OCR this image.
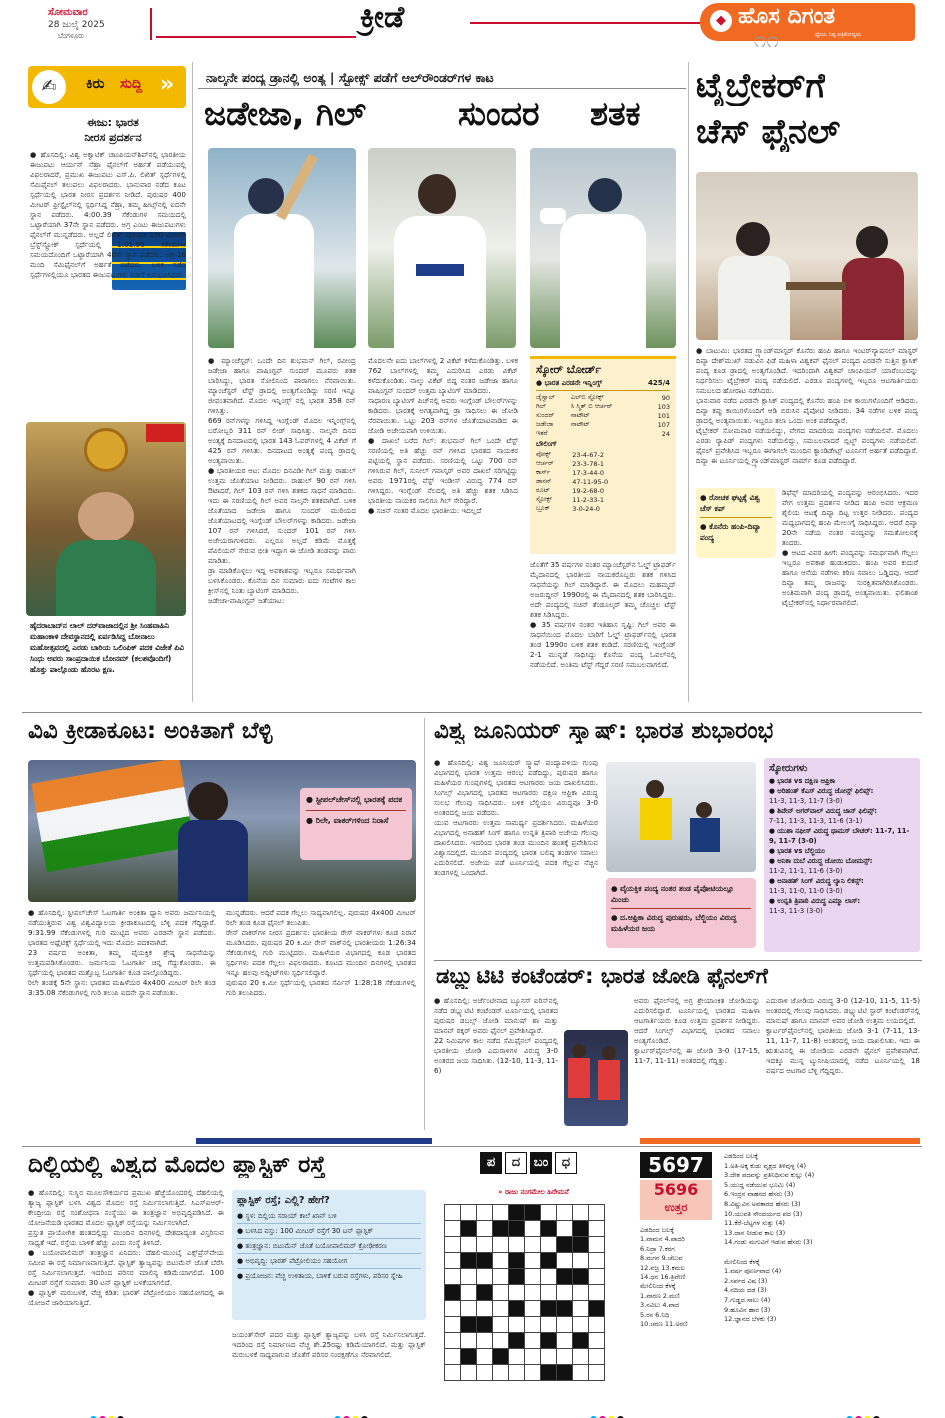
ಸೋಮವಾರ
28 ಜುಲೈ 2025
ಬೆಂಗಳೂರು
ಕ್ರೀಡೆ	◆ ಹೊಸ ದಿಗಂತ
ಧ್ಯೇಯ ನಿಷ್ಠ ಪತ್ರಿಕೋದ್ಯಮ
೧೧
✍	ಕಿರು ಸುದ್ದಿ »
ಈಜು: ಭಾರತ
ನೀರಸ ಪ್ರದರ್ಶನ
● ಹೊಸದಿಲ್ಲಿ: ವಿಶ್ವ ಅಕ್ವಾಟಿಕ್ ಚಾಂಪಿಯನ್‌ಶಿಪ್‌ನಲ್ಲಿ ಭಾರತೀಯ ಈಜುಪಟು ಆರ್ಯನ್ ನೆಹ್ರಾ ಫೈನಲ್‌ಗೆ ಅರ್ಹತೆ ಪಡೆಯುವಲ್ಲಿ ವಿಫಲರಾದರೆ, ಪ್ರಮುಖ ಈಜುಪಟು ಎಸ್.ಪಿ. ಲಿಖಿತ್ ಸ್ಪರ್ಧೆಗಳಲ್ಲಿ ಸೆಮಿಫೈನಲ್ ತಲುಪಲು ವಿಫಲರಾದರು. ಭಾನುವಾರ ನಡೆದ ಕೂಟ ಸ್ಪರ್ಧೆಯಲ್ಲಿ ಭಾರತ ನೀರಸ ಪ್ರದರ್ಶನ ನೀಡಿದೆ. ಪುರುಷರ 400 ಮೀಟರ್ ಫ್ರೀಸ್ಟೈಲ್‌ನಲ್ಲಿ ಸ್ಪರ್ಧಿಸಿದ್ದ ನೆಹ್ರಾ, ತಮ್ಮ ಹೀಟ್ಸ್‌ನಲ್ಲಿ ಐದನೇ ಸ್ಥಾನ ಪಡೆದರು. 4:00.39 ಸೆಕೆಂಡುಗಳ ಸಮಯದಲ್ಲಿ ಒಟ್ಟಾರೆಯಾಗಿ 37ನೇ ಸ್ಥಾನ ಪಡೆದರು. ಅಗ್ರ ಎಂಟು ಈಜುಪಟುಗಳು ಫೈನಲ್‌ಗೆ ಮುನ್ನಡೆದರು. ಅಲ್ಲದೆ ಲಿಖಿತ್ ಪುರುಷರ 100 ಮೀಟರ್ ಬ್ರೆಸ್ಟ್‌ಸ್ಟ್ರೋಕ್ ಸ್ಪರ್ಧೆಯಲ್ಲಿ 1:01.99 ಸೆಕೆಂಡುಗಳ ಸಮಯದೊಂದಿಗೆ ಒಟ್ಟಾರೆಯಾಗಿ 40ನೇ ಸ್ಥಾನ ಪಡೆದರು. ಅಗ್ರ-16 ಮಂದಿ ಸೆಮಿಫೈನಲ್‌ಗೆ ಅರ್ಹತೆ ಪಡೆದರು. ಬಳಿಕ ನಡೆದ ಸ್ಪರ್ಧೆಗಳಲ್ಲಿಯೂ ಭಾರತದ ಈಜುಪಟುಗಳು ನಿರಾಸೆ ಅನುಭವಿಸಿದರು.
ಹೈದರಾಬಾದ್‌ನ ಲಾಲ್ ದರ್‌ವಾಜಾದಲ್ಲಿನ ಶ್ರೀ ಸಿಂಹವಾಹಿನಿ ಮಹಾಂಕಾಳಿ ದೇವಸ್ಥಾನದಲ್ಲಿ ಏರ್ಪಡಿಸಿದ್ದ ಬೋನಾಲು ಮಹೋತ್ಸವದಲ್ಲಿ ಎರಡು ಬಾರಿಯ ಒಲಿಂಪಿಕ್ ಪದಕ ವಿಜೇತೆ ಪಿವಿ ಸಿಂಧು ಅವರು ಸಾಂಪ್ರದಾಯಿಕ ಬೋನಮ್ (ಕಲಶವೊಂದಿಗೆ) ಹೊತ್ತು ಪಾಲ್ಗೊಂಡು ಹೊರಟ ಕ್ಷಣ.
ನಾಲ್ಕನೇ ಪಂದ್ಯ ಡ್ರಾನಲ್ಲಿ ಅಂತ್ಯ | ಸ್ಟೋಕ್ಸ್ ಪಡೆಗೆ ಆಲ್‌ರೌಂಡರ್‌ಗಳ ಕಾಟ
ಜಡೇಜಾ, ಗಿಲ್	ಸುಂದರ ಶತಕ
● ಮ್ಯಾಂಚೆಸ್ಟರ್: ಒಂದೇ ದಿನ ಶುಭಮನ್ ಗಿಲ್, ರವೀಂದ್ರ ಜಡೇಜಾ ಹಾಗೂ ವಾಷಿಂಗ್ಟನ್ ಸುಂದರ್ ಮೂವರು ಶತಕ ಬಾರಿಸಿದ್ದು, ಭಾರತ ಸೋಲಿನಿಂದ ಪಾರಾಗಲು ನೆರವಾಯಿತು. ಮ್ಯಾಂಚೆಸ್ಟರ್ ಟೆಸ್ಟ್ ಡ್ರಾದಲ್ಲಿ ಅಂತ್ಯಗೊಂಡಿದ್ದು ಸರಣಿ ಇನ್ನೂ ಜೀವಂತವಾಗಿದೆ. ಮೊದಲ ಇನ್ನಿಂಗ್ಸ್ ನಲ್ಲಿ ಭಾರತ 358 ರನ್ ಗಳಿಸಿತ್ತು.
669 ರನ್‌ಗಳನ್ನು ಗಳಿಸಿದ್ದ ಇಂಗ್ಲೆಂಡ್ ಮೊದಲ ಇನ್ನಿಂಗ್ಸ್‌ನಲ್ಲಿ ಬರೋಬ್ಬರಿ 311 ರನ್ ಲೀಡ್ ಸಾಧಿಸಿತ್ತು. ನಾಲ್ಕನೇ ದಿನದ ಅಂತ್ಯಕ್ಕೆ ದಿನದಾಟದಲ್ಲಿ ಭಾರತ 143 ಓವರ್‌ಗಳಲ್ಲಿ 4 ವಿಕೆಟ್ ಗೆ 425 ರನ್ ಗಳಿಸಿತು. ದಿನದಾಟದ ಅಂತ್ಯಕ್ಕೆ ಪಂದ್ಯ ಡ್ರಾದಲ್ಲಿ ಅಂತ್ಯವಾಯಿತು.
● ಭಾರತೀಯರ ಆಟ: ಮೊದಲ ದಿನವಿಡೀ ಗಿಲ್ ಮತ್ತು ರಾಹುಲ್ ಉತ್ತಮ ಜೊತೆಯಾಟ ನೀಡಿದರು. ರಾಹುಲ್ 90 ರನ್ ಗಳಿಸಿ ಔಟಾದರೆ, ಗಿಲ್ 103 ರನ್ ಗಳಿಸಿ ಶತಕದ ಸಾಧನೆ ಮಾಡಿದರು. ಇದು ಈ ಸರಣಿಯಲ್ಲಿ ಗಿಲ್ ಅವರ ನಾಲ್ಕನೇ ಶತಕವಾಗಿದೆ. ಬಳಿಕ ಜೊತೆಯಾದ ಜಡೇಜಾ ಹಾಗೂ ಸುಂದರ್ ಮುರಿಯದ ಜೊತೆಯಾಟದಲ್ಲಿ ಇಂಗ್ಲೆಂಡ್ ಬೌಲರ್‌ಗಳನ್ನು ಕಾಡಿದರು. ಜಡೇಜಾ 107 ರನ್ ಗಳಿಸಿದರೆ, ಸುಂದರ್ 101 ರನ್ ಗಳಿಸಿ ಅಜೇಯರಾಗುಳಿದರು. ಎಲ್ಲರೂ ಅಲ್ಲದೆ ಕಡಿಮೆ ಮೊತ್ತಕ್ಕೆ ಪೆವಿಲಿಯನ್ ಸೇರುವ ಭೀತಿ ಇದ್ದಾಗ ಈ ಜೋಡಿ ತಂಡವನ್ನು ಪಾರು ಮಾಡಿತು.
ಡ್ರಾ ಮಾಡಿಕೊಳ್ಳಲು ಇದ್ದ ಅವಕಾಶವನ್ನು ಇಬ್ಬರೂ ಸಮರ್ಥವಾಗಿ ಬಳಸಿಕೊಂಡರು. ಕೊನೆಯ ದಿನ ಸುಮಾರು ಐದು ಗಂಟೆಗಳ ಕಾಲ ಕ್ರೀಸ್‌ನಲ್ಲಿ ನಿಂತು ಬ್ಯಾಟಿಂಗ್ ಮಾಡಿದರು.
ಜಡೇಜಾ-ವಾಷಿಂಗ್ಟನ್ ಜತೆಯಾಟ:
ಮೊದಲನೇ ಐದು ಬಾಲ್‌ಗಳಲ್ಲಿ 2 ವಿಕೆಟ್ ಕಳೆದುಕೊಂಡಿತ್ತು. ಬಳಿಕ 762 ಬಾಲ್‌ಗಳಲ್ಲಿ ತಮ್ಮ ಎದುರಿಸಿದ ಎರಡು ವಿಕೆಟ್ ಕಳೆದುಕೊಂಡಿತು. ನಾಲ್ಕು ವಿಕೆಟ್ ಬಿದ್ದ ನಂತರ ಜಡೇಜಾ ಹಾಗೂ ವಾಷಿಂಗ್ಟನ್ ಸುಂದರ್ ಉತ್ತಮ ಬ್ಯಾಟಿಂಗ್ ಮಾಡಿದರು.
ಸಾಧಾರಣ ಬ್ಯಾಟಿಂಗ್ ಪಿಚ್‌ನಲ್ಲಿ ಅವರು ಇಂಗ್ಲೆಂಡ್ ಬೌಲರ್‌ಗಳನ್ನು ಕಾಡಿದರು. ಭಾರತಕ್ಕೆ ಅಗತ್ಯವಾಗಿದ್ದ ಡ್ರಾ ಸಾಧಿಸಲು ಈ ಜೋಡಿ ನೆರವಾಯಿತು. ಒಟ್ಟು 203 ರನ್‌ಗಳ ಜೊತೆಯಾಟವಾಡಿದ ಈ ಜೋಡಿ ಅಜೇಯವಾಗಿ ಉಳಿಯಿತು.
● ದಾಖಲೆ ಬರೆದ ಗಿಲ್: ಶುಭಮನ್ ಗಿಲ್ ಒಂದೇ ಟೆಸ್ಟ್ ಸರಣಿಯಲ್ಲಿ ಅತಿ ಹೆಚ್ಚು ರನ್ ಗಳಿಸಿದ ಭಾರತದ ನಾಯಕರ ಪಟ್ಟಿಯಲ್ಲಿ ಸ್ಥಾನ ಪಡೆದರು. ಸರಣಿಯಲ್ಲಿ ಒಟ್ಟು 700 ರನ್ ಗಳಿಸಿರುವ ಗಿಲ್, ಸುನೀಲ್ ಗವಾಸ್ಕರ್ ಅವರ ದಾಖಲೆ ಸರಿಗಟ್ಟಿದ್ದು ಅವರು 1971ರಲ್ಲಿ ವೆಸ್ಟ್ ಇಂಡೀಸ್ ವಿರುದ್ಧ 774 ರನ್ ಗಳಿಸಿದ್ದರು. ಇಂಗ್ಲೆಂಡ್ ನೆಲದಲ್ಲಿ ಅತಿ ಹೆಚ್ಚು ಶತಕ ಸಿಡಿಸಿದ ಭಾರತೀಯ ನಾಯಕರ ಸಾಲಿಗೂ ಗಿಲ್ ಸೇರಿದ್ದಾರೆ.
● ಸಚಿನ್ ನಂತರ ಮೊದಲ ಭಾರತೀಯ: ಇದಲ್ಲದೆ
ಸ್ಕೋರ್ ಬೋರ್ಡ್
● ಭಾರತ ಎರಡನೇ ಇನ್ನಿಂಗ್ಸ್	425/4
ಜೈಸ್ವಾಲ್	ಎಲ್‌ಬಿ ಸ್ಟೋಕ್ಸ್	90
ಗಿಲ್	ಸಿ ಸ್ಮಿತ್ ಬಿ ಆರ್ಚರ್	103
ಸುಂದರ್	ನಾಟೌಟ್	101
ಜಡೇಜಾ	ನಾಟೌಟ್	107
ಇತರೆ		24
ಬೌಲಿಂಗ್
ವೋಕ್ಸ್	23-4-67-2
ಆರ್ಚರ್	23-3-78-1
ಕಾರ್ಸ್	17-3-44-0
ಡಾಸನ್	47-11-95-0
ರೂಟ್	19-2-68-0
ಸ್ಟೋಕ್ಸ್	11-2-33-1
ಬ್ರೂಕ್	3-0-24-0
ಜೊತೆಗೆ 35 ವರ್ಷಗಳ ನಂತರ ಮ್ಯಾಂಚೆಸ್ಟರ್‌ನ ಓಲ್ಡ್ ಟ್ರಾಫರ್ಡ್ ಮೈದಾನದಲ್ಲಿ ಭಾರತೀಯ ನಾಯಕರೊಬ್ಬರು ಶತಕ ಗಳಿಸಿದ ಸಾಧನೆಯನ್ನು ಗಿಲ್ ಮಾಡಿದ್ದಾರೆ. ಈ ಮೊದಲು ಮಹಮ್ಮದ್ ಅಜರುದ್ದೀನ್ 1990ರಲ್ಲಿ ಈ ಮೈದಾನದಲ್ಲಿ ಶತಕ ಬಾರಿಸಿದ್ದರು. ಅದೇ ಪಂದ್ಯದಲ್ಲಿ ಸಚಿನ್ ತೆಂಡೂಲ್ಕರ್ ತಮ್ಮ ಚೊಚ್ಚಲ ಟೆಸ್ಟ್ ಶತಕ ಸಿಡಿಸಿದ್ದರು.
● 35 ವರ್ಷಗಳ ನಂತರ ಇತಿಹಾಸ ಸೃಷ್ಟಿ: ಗಿಲ್ ಅವರ ಈ ಸಾಧನೆಯಿಂದ ಮೊದಲ ಬಾರಿಗೆ ಓಲ್ಡ್ ಟ್ರಾಫರ್ಡ್‌ನಲ್ಲಿ ಭಾರತ ತಂಡ 1990ರ ಬಳಿಕ ಶತಕ ಕಂಡಿದೆ. ಸರಣಿಯಲ್ಲಿ ಇಂಗ್ಲೆಂಡ್ 2-1 ಮುನ್ನಡೆ ಸಾಧಿಸಿದ್ದು ಕೊನೆಯ ಪಂದ್ಯ ಓವಲ್‌ನಲ್ಲಿ ನಡೆಯಲಿದೆ. ಅಂತಿಮ ಟೆಸ್ಟ್ ಗೆದ್ದರೆ ಸರಣಿ ಸಮಬಲವಾಗಲಿದೆ.
ಟೈಬ್ರೇಕರ್‌ಗೆ
ಚೆಸ್ ಫೈನಲ್
● ಬಾಟುಮಿ: ಭಾರತದ ಗ್ರ್ಯಾಂಡ್‌ಮಾಸ್ಟರ್ ಕೊನೆರು ಹಂಪಿ ಹಾಗೂ ಇಂಟರ್‌ನ್ಯಾಷನಲ್ ಮಾಸ್ಟರ್ ದಿವ್ಯಾ ದೇಶ್‌ಮುಖ್ ನಡುವಿನ ಫಿಡೆ ಮಹಿಳಾ ವಿಶ್ವಕಪ್ ಫೈನಲ್ ಪಂದ್ಯದ ಎರಡನೇ ಸುತ್ತಿನ ಕ್ಲಾಸಿಕ್ ಪಂದ್ಯ ಕೂಡ ಡ್ರಾದಲ್ಲಿ ಅಂತ್ಯಗೊಂಡಿದೆ. ಇದರಿಂದಾಗಿ ವಿಶ್ವಕಪ್ ಚಾಂಪಿಯನ್ ಯಾರೆಂಬುದನ್ನು ನಿರ್ಧರಿಸಲು ಟೈಬ್ರೇಕರ್ ಪಂದ್ಯ ನಡೆಯಲಿದೆ. ಎರಡೂ ಪಂದ್ಯಗಳಲ್ಲಿ ಇಬ್ಬರೂ ಆಟಗಾರ್ತಿಯರು ಸಮಬಲದ ಹೋರಾಟ ನಡೆಸಿದರು.
ಭಾನುವಾರ ನಡೆದ ಎರಡನೇ ಕ್ಲಾಸಿಕ್ ಪಂದ್ಯದಲ್ಲಿ ಕೊನೆರು ಹಂಪಿ ಬಿಳಿ ಕಾಯಿಗಳೊಂದಿಗೆ ಆಡಿದರು. ದಿವ್ಯಾ ಕಪ್ಪು ಕಾಯಿಗಳೊಂದಿಗೆ ಆಡಿ ಬಿರುಸಿನ ಪೈಪೋಟಿ ನೀಡಿದರು. 34 ನಡೆಗಳ ಬಳಿಕ ಪಂದ್ಯ ಡ್ರಾದಲ್ಲಿ ಅಂತ್ಯವಾಯಿತು. ಇಬ್ಬರೂ ತಲಾ ಒಂದು ಅಂಕ ಪಡೆದಿದ್ದಾರೆ.
ಟೈಬ್ರೇಕರ್ ಸೋಮವಾರ ನಡೆಯಲಿದ್ದು, ವೇಗದ ಮಾದರಿಯ ಪಂದ್ಯಗಳು ನಡೆಯಲಿವೆ. ಮೊದಲು ಎರಡು ರ‍್ಯಾಪಿಡ್ ಪಂದ್ಯಗಳು ನಡೆಯಲಿದ್ದು, ಸಮಬಲವಾದರೆ ಬ್ಲಿಟ್ಜ್ ಪಂದ್ಯಗಳು ನಡೆಯಲಿವೆ. ಫೈನಲ್ ಪ್ರವೇಶಿಸಿದ ಇಬ್ಬರೂ ಈಗಾಗಲೇ ಮುಂದಿನ ಕ್ಯಾಂಡಿಡೇಟ್ಸ್ ಟೂರ್ನಿಗೆ ಅರ್ಹತೆ ಪಡೆದಿದ್ದಾರೆ. ದಿವ್ಯಾ ಈ ಟೂರ್ನಿಯಲ್ಲಿ ಗ್ರ್ಯಾಂಡ್‌ಮಾಸ್ಟರ್ ನಾರ್ಮ್ ಕೂಡ ಪಡೆದಿದ್ದಾರೆ.
● ರೋಚಕ ಘಟ್ಟಕ್ಕೆ ವಿಶ್ವ ಚೆಸ್ ಕಪ್
● ಕೊನೆರು ಹಂಪಿ-ದಿವ್ಯಾ ಪಂದ್ಯ
ಡಿಫೆನ್ಸ್ ಮಾದರಿಯಲ್ಲಿ ಪಂದ್ಯವನ್ನು ಆರಂಭಿಸಿದರು. ಇದರ ವೇಗ ಉತ್ತಮ ಪ್ರದರ್ಶನ ನೀಡಿದ ಹಂಪಿ ಅವರ ಆಕ್ರಮಣ ಶೈಲಿಯ ಆಟಕ್ಕೆ ದಿವ್ಯಾ ದಿಟ್ಟ ಉತ್ತರ ನೀಡಿದರು. ಪಂದ್ಯದ ಮಧ್ಯಭಾಗದಲ್ಲಿ ಹಂಪಿ ಮೇಲುಗೈ ಸಾಧಿಸಿದ್ದರು. ಆದರೆ ದಿವ್ಯಾ 20ನೇ ನಡೆಯ ನಂತರ ಪಂದ್ಯವನ್ನು ಸಮತೋಲನಕ್ಕೆ ತಂದರು.
● ಆಟದ ವಿವರ ಹೀಗೆ: ಪಂದ್ಯವನ್ನು ಸಮರ್ಥವಾಗಿ ಗೆಲ್ಲಲು ಇಬ್ಬರೂ ಅವಕಾಶ ಹುಡುಕಿದರು. ಹಂಪಿ ಅವರ ಕುದುರೆ ಹಾಗೂ ಆನೆಯ ನಡೆಗಳು ಕಠಿಣ ಸವಾಲು ಒಡ್ಡಿದವು. ಆದರೆ ದಿವ್ಯಾ ತಮ್ಮ ರಾಜನನ್ನು ಸುರಕ್ಷಿತವಾಗಿರಿಸಿಕೊಂಡರು. ಅಂತಿಮವಾಗಿ ಪಂದ್ಯ ಡ್ರಾದಲ್ಲಿ ಅಂತ್ಯವಾಯಿತು. ಫಲಿತಾಂಶ ಟೈಬ್ರೇಕರ್‌ನಲ್ಲಿ ನಿರ್ಧಾರವಾಗಲಿದೆ.
ವಿವಿ ಕ್ರೀಡಾಕೂಟ: ಅಂಕಿತಾಗೆ ಬೆಳ್ಳಿ
● ಸ್ಟೀಪಲ್‌ಚೇಸ್‌ನಲ್ಲಿ ಭಾರತಕ್ಕೆ ಪದಕ
● ರಿಲೇ, ವಾಕರ್‌ಗಳಿಂದ ನಿರಾಸೆ
● ಹೊಸದಿಲ್ಲಿ: ಸ್ಟೀಪಲ್‌ಚೇಸ್ ಓಟಗಾರ್ತಿ ಅಂಕಿತಾ ಧ್ಯಾನಿ ಅವರು ಜರ್ಮನಿಯಲ್ಲಿ ನಡೆಯುತ್ತಿರುವ ವಿಶ್ವ ವಿಶ್ವವಿದ್ಯಾಲಯ ಕ್ರೀಡಾಕೂಟದಲ್ಲಿ ಬೆಳ್ಳಿ ಪದಕ ಗೆದ್ದಿದ್ದಾರೆ. 9:31.99 ಸೆಕೆಂಡುಗಳಲ್ಲಿ ಗುರಿ ಮುಟ್ಟಿದ ಅವರು ಎರಡನೇ ಸ್ಥಾನ ಪಡೆದರು. ಭಾರತದ ಅಥ್ಲೆಟಿಕ್ಸ್ ಸ್ಪರ್ಧೆಯಲ್ಲಿ ಇದು ಮೊದಲ ಪದಕವಾಗಿದೆ.
23 ವರ್ಷದ ಅಂಕಿತಾ, ತಮ್ಮ ವೈಯಕ್ತಿಕ ಶ್ರೇಷ್ಠ ಸಾಧನೆಯನ್ನು ಉತ್ತಮಪಡಿಸಿಕೊಂಡರು. ಜರ್ಮನಿಯ ಓಟಗಾರ್ತಿ ಚಿನ್ನ ಗೆದ್ದುಕೊಂಡರು. ಈ ಸ್ಪರ್ಧೆಯಲ್ಲಿ ಭಾರತದ ಮತ್ತೊಬ್ಬ ಓಟಗಾರ್ತಿ ಕೂಡ ಪಾಲ್ಗೊಂಡಿದ್ದರು.
ರಿಲೇ ತಂಡಕ್ಕೆ 5ನೇ ಸ್ಥಾನ: ಭಾರತದ ಮಹಿಳೆಯರ 4x400 ಮೀಟರ್ ರಿಲೇ ತಂಡ 3:35.08 ಸೆಕೆಂಡುಗಳಲ್ಲಿ ಗುರಿ ತಲುಪಿ ಐದನೇ ಸ್ಥಾನ ಪಡೆಯಿತು.
ಮುನ್ನಡೆದರು. ಆದರೆ ಪದಕ ಗೆಲ್ಲಲು ಸಾಧ್ಯವಾಗಲಿಲ್ಲ. ಪುರುಷರ 4x400 ಮೀಟರ್ ರಿಲೇ ತಂಡ ಕೂಡ ಫೈನಲ್ ತಲುಪಿತು.
ರೇಸ್ ವಾಕರ್‌ಗಳ ನೀರಸ ಪ್ರದರ್ಶನ: ಭಾರತೀಯ ರೇಸ್ ವಾಕರ್‌ಗಳು ಕೂಡ ನಿರಾಸೆ ಮೂಡಿಸಿದರು. ಪುರುಷರ 20 ಕಿ.ಮೀ ರೇಸ್ ವಾಕ್‌ನಲ್ಲಿ ಭಾರತೀಯರು 1:26:34 ಸೆಕೆಂಡುಗಳಲ್ಲಿ ಗುರಿ ಮುಟ್ಟಿದರು. ಮಹಿಳೆಯರ ವಿಭಾಗದಲ್ಲಿ ಕೂಡ ಭಾರತದ ಸ್ಪರ್ಧಿಗಳು ಪದಕ ಗೆಲ್ಲಲು ವಿಫಲರಾದರು. ಕೂಟದ ಮುಂದಿನ ದಿನಗಳಲ್ಲಿ ಭಾರತದ ಇನ್ನೂ ಹಲವು ಅಥ್ಲೀಟ್‌ಗಳು ಸ್ಪರ್ಧಿಸಲಿದ್ದಾರೆ.
ಪುರುಷರ 20 ಕಿ.ಮೀ ಸ್ಪರ್ಧೆಯಲ್ಲಿ ಭಾರತದ ಸೆರ್ವಿನ್ 1:28:18 ಸೆಕೆಂಡುಗಳಲ್ಲಿ ಗುರಿ ತಲುಪಿದರು.
ವಿಶ್ವ ಜೂನಿಯರ್ ಸ್ಕ್ವಾಷ್: ಭಾರತ ಶುಭಾರಂಭ
● ಹೊಸದಿಲ್ಲಿ: ವಿಶ್ವ ಜೂನಿಯರ್ ಸ್ಕ್ವಾಷ್ ಪಂದ್ಯಾವಳಿಯ ಗುಂಪು ವಿಭಾಗದಲ್ಲಿ ಭಾರತ ಉತ್ತಮ ಆರಂಭ ಪಡೆದಿದ್ದು, ಪುರುಷರ ಹಾಗೂ ಮಹಿಳೆಯರ ಗುಂಪುಗಳಲ್ಲಿ ಭಾರತದ ಆಟಗಾರರು ಜಯ ದಾಖಲಿಸಿದರು. ಸಿಂಗಲ್ಸ್ ವಿಭಾಗದಲ್ಲಿ ಭಾರತದ ಆಟಗಾರರು ದಕ್ಷಿಣ ಆಫ್ರಿಕಾ ವಿರುದ್ಧ ಸುಲಭ ಗೆಲುವು ಸಾಧಿಸಿದರು. ಬಳಿಕ ಬೆಲ್ಜಿಯಂ ವಿರುದ್ಧವೂ 3-0 ಅಂತರದಲ್ಲಿ ಜಯ ಪಡೆದರು.
ಯುವ ಆಟಗಾರರು ಉತ್ತಮ ಸಾಮರ್ಥ್ಯ ಪ್ರದರ್ಶಿಸಿದರು. ಮಹಿಳೆಯರ ವಿಭಾಗದಲ್ಲಿ ಅನಾಹತ್ ಸಿಂಗ್ ಹಾಗೂ ಉನ್ನತಿ ತ್ರಿಪಾಠಿ ಅಜೇಯ ಗೆಲುವು ದಾಖಲಿಸಿದರು. ಇದರಿಂದ ಭಾರತ ತಂಡ ಮುಂದಿನ ಹಂತಕ್ಕೆ ಪ್ರವೇಶಿಸುವ ವಿಶ್ವಾಸದಲ್ಲಿದೆ. ಮುಂದಿನ ಪಂದ್ಯದಲ್ಲಿ ಭಾರತ ಬಲಿಷ್ಠ ತಂಡಗಳ ಸವಾಲು ಎದುರಿಸಲಿದೆ. ಅಜೇಯ ಪಡೆ ಟೂರ್ನಿಯಲ್ಲಿ ಪದಕ ಗೆಲ್ಲುವ ನೆಚ್ಚಿನ ತಂಡಗಳಲ್ಲಿ ಒಂದಾಗಿದೆ.
● ವೈಯಕ್ತಿಕ ಪಂದ್ಯ ನಂತರ ತಂಡ ಪೈಪೋಟಿಯಲ್ಲೂ ಮಿಂಚು
● ದ.ಆಫ್ರಿಕಾ ವಿರುದ್ಧ ಪುರುಷರು, ಬೆಲ್ಜಿಯಂ ವಿರುದ್ಧ ಮಹಿಳೆಯರ ಜಯ
ಸ್ಕೋರುಗಳು
● ಭಾರತ vs ದಕ್ಷಿಣ ಆಫ್ರಿಕಾ
● ಅರಿಹಂತ್ ಕೆಎಸ್ ವಿರುದ್ಧ ಜೋನ್ಸ್ ಫಿಲಿಪ್ಸ್:
11-3, 11-3, 11-7 (3-0)
● ಶಿವೇನ್ ಅಗರ್‌ವಾಲ್ ವಿರುದ್ಧ ಜಾನ್ ಫಿಲಿಪ್ಸ್:
7-11, 11-3, 11-3, 11-6 (3-1)
● ಯುಶಾ ನಫೀಸ್ ವಿರುದ್ಧ ಥಾಮಸ್ ಬೌಚರ್: 11-7, 11-9, 11-7 (3-0)
● ಭಾರತ vs ಬೆಲ್ಜಿಯಂ
● ಅನಿಕಾ ದುಬೆ ವಿರುದ್ಧ ಜೋಯಿ ಬೋಮನ್ಸ್:
11-2, 11-1, 11-6 (3-0)
● ಅನಾಹತ್ ಸಿಂಗ್ ವಿರುದ್ಧ ಲ್ಯಾನಿ ಲಿಕನ್ಸ್:
11-3, 11-0, 11-0 (3-0)
● ಉನ್ನತಿ ತ್ರಿಪಾಠಿ ವಿರುದ್ಧ ಎಮ್ಮಾ ಲಾಸ್:
11-3, 11-3 (3-0)
ಡಬ್ಲ್ಯುಟಿಟಿ ಕಂಟೆಂಡರ್: ಭಾರತ ಜೋಡಿ ಫೈನಲ್‌ಗೆ
● ಹೊಸದಿಲ್ಲಿ: ಅರ್ಜೆಂಟೀನಾದ ಬ್ಯೂನಸ್ ಐರಿಸ್‌ನಲ್ಲಿ ನಡೆದ ಡಬ್ಲ್ಯುಟಿಟಿ ಕಂಟೆಂಡರ್ ಟೂರ್ನಿಯಲ್ಲಿ ಭಾರತದ ಪುರುಷರ ಡಬಲ್ಸ್ ಜೋಡಿ ಮಾನುಷ್ ಶಾ ಮತ್ತು ಮಾನವ್ ಠಕ್ಕರ್ ಅವರು ಫೈನಲ್ ಪ್ರವೇಶಿಸಿದ್ದಾರೆ.
22 ನಿಮಿಷಗಳ ಕಾಲ ನಡೆದ ಸೆಮಿಫೈನಲ್ ಪಂದ್ಯದಲ್ಲಿ ಭಾರತೀಯ ಜೋಡಿ ಎದುರಾಳಿಗಳ ವಿರುದ್ಧ 3-0 ಅಂತರದ ಜಯ ಸಾಧಿಸಿತು. (12-10, 11-3, 11-6)
ಅವರು ಫೈನಲ್‌ನಲ್ಲಿ ಅಗ್ರ ಶ್ರೇಯಾಂಕಿತ ಜೋಡಿಯನ್ನು ಎದುರಿಸಲಿದ್ದಾರೆ. ಟೂರ್ನಿಯಲ್ಲಿ ಭಾರತದ ಮಹಿಳಾ ಆಟಗಾರ್ತಿಯರು ಕೂಡ ಉತ್ತಮ ಪ್ರದರ್ಶನ ನೀಡಿದ್ದರು. ಆದರೆ ಸಿಂಗಲ್ಸ್ ವಿಭಾಗದಲ್ಲಿ ಭಾರತದ ಸವಾಲು ಅಂತ್ಯಗೊಂಡಿದೆ.
ಕ್ವಾರ್ಟರ್‌ಫೈನಲ್‌ನಲ್ಲಿ ಈ ಜೋಡಿ 3-0 (17-15, 11-7, 11-11) ಅಂತರದಲ್ಲಿ ಗೆದ್ದಿತ್ತು.
ಎದುರಾಳಿ ಜೋಡಿಯ ವಿರುದ್ಧ 3-0 (12-10, 11-5, 11-5) ಅಂತರದಲ್ಲಿ ಗೆಲುವು ಸಾಧಿಸಿದರು. ಡಬ್ಲ್ಯುಟಿಟಿ ಸ್ಟಾರ್ ಕಂಟೆಂಡರ್‌ನಲ್ಲಿ ಮಾನುಷ್ ಹಾಗೂ ಮಾನವ್ ಅವರ ಜೋಡಿ ಉತ್ತಮ ಲಯದಲ್ಲಿದೆ.
ಕ್ವಾರ್ಟರ್‌ಫೈನಲ್‌ನಲ್ಲಿ ಭಾರತೀಯ ಜೋಡಿ 3-1 (7-11, 13-11, 11-7, 11-8) ಅಂತರದಲ್ಲಿ ಜಯ ದಾಖಲಿಸಿತು. ಇದು ಈ ಋತುವಿನಲ್ಲಿ ಈ ಜೋಡಿಯ ಎರಡನೇ ಫೈನಲ್ ಪ್ರವೇಶವಾಗಿದೆ. ಇದಕ್ಕೂ ಮುನ್ನ ಟ್ಯುನೀಷಿಯಾದಲ್ಲಿ ನಡೆದ ಟೂರ್ನಿಯಲ್ಲಿ 18 ವರ್ಷದ ಆಟಗಾರ ಬೆಳ್ಳಿ ಗೆದ್ದಿದ್ದರು.
ದಿಲ್ಲಿಯಲ್ಲಿ ವಿಶ್ವದ ಮೊದಲ ಪ್ಲಾಸ್ಟಿಕ್ ರಸ್ತೆ
● ಹೊಸದಿಲ್ಲಿ: ಸುಸ್ಥಿರ ಮೂಲಸೌಕರ್ಯದ ಪ್ರಮುಖ ಹೆಜ್ಜೆಯೊಂದರಲ್ಲಿ ದೆಹಲಿಯಲ್ಲಿ ತ್ಯಾಜ್ಯ ಪ್ಲಾಸ್ಟಿಕ್ ಬಳಸಿ ವಿಶ್ವದ ಮೊದಲ ರಸ್ತೆ ನಿರ್ಮಿಸಲಾಗುತ್ತಿದೆ. ಸಿಎಸ್‌ಐಆರ್-ಕೇಂದ್ರೀಯ ರಸ್ತೆ ಸಂಶೋಧನಾ ಸಂಸ್ಥೆಯು ಈ ತಂತ್ರಜ್ಞಾನ ಅಭಿವೃದ್ಧಿಪಡಿಸಿದೆ. ಈ ಯೋಜನೆಯಡಿ ಭಾರತದ ಮೊದಲ ಪ್ಲಾಸ್ಟಿಕ್ ರಸ್ತೆಯನ್ನು ನಿರ್ಮಿಸಲಾಗಿದೆ.
ಪ್ರಸ್ತುತ ಪ್ರಾಯೋಗಿಕ ಹಂತದಲ್ಲಿದ್ದು ಮುಂದಿನ ದಿನಗಳಲ್ಲಿ ದೇಶದಾದ್ಯಂತ ವಿಸ್ತರಿಸುವ ಸಾಧ್ಯತೆ ಇದೆ. ರಸ್ತೆಯ ಬಾಳಿಕೆ ಹೆಚ್ಚು ಎಂದು ಸಂಸ್ಥೆ ತಿಳಿಸಿದೆ.
● ಬಯೋಪಾಲಿಮರ್ ತಂತ್ರಜ್ಞಾನ ಏನಿದರು: ದೆಹಲಿ-ಮುಂಬೈ ಎಕ್ಸ್‌ಪ್ರೆಸ್‌ವೇಯ ಸಮೀಪ ಈ ರಸ್ತೆ ನಿರ್ಮಾಣವಾಗುತ್ತಿದೆ. ಪ್ಲಾಸ್ಟಿಕ್ ತ್ಯಾಜ್ಯವನ್ನು ಬಿಟುಮೆನ್ ಜೊತೆ ಬೆರೆಸಿ ರಸ್ತೆ ನಿರ್ಮಿಸಲಾಗುತ್ತದೆ. ಇದರಿಂದ ಪರಿಸರ ಮಾಲಿನ್ಯ ಕಡಿಮೆಯಾಗಲಿದೆ. 100 ಮೀಟರ್ ರಸ್ತೆಗೆ ಸುಮಾರು 30 ಟನ್ ಪ್ಲಾಸ್ಟಿಕ್ ಬಳಕೆಯಾಗಲಿದೆ.
● ಪ್ಲಾಸ್ಟಿಕ್ ಮರುಬಳಕೆ, ವೆಚ್ಚ ಕಡಿತ: ಭಾರತ್ ಪೆಟ್ರೋಲಿಯಂ ಸಹಯೋಗದಲ್ಲಿ ಈ ಯೋಜನೆ ಜಾರಿಯಾಗುತ್ತಿದೆ.
ಪ್ಲಾಸ್ಟಿಕ್ ರಸ್ತೆ; ಎಲ್ಲಿ? ಹೇಗೆ?
● ಸ್ಥಳ: ದಿಲ್ಲಿಯ ಸರಾಯ್ ಕಾಲೆ ಖಾನ್ ಬಳಿ
● ಬಳಸಿದ ವಸ್ತು: 100 ಮೀಟರ್ ರಸ್ತೆಗೆ 30 ಟನ್ ಪ್ಲಾಸ್ಟಿಕ್
● ತಂತ್ರಜ್ಞಾನ: ಬಿಟುಮೆನ್ ಜೊತೆ ಬಯೋಪಾಲಿಮರ್ ಕ್ರೋಢೀಕರಣ
● ಅಭಿವೃದ್ಧಿ: ಭಾರತ್ ಪೆಟ್ರೋಲಿಯಂ ಸಹಯೋಗ
● ಪ್ರಯೋಜನ: ವೆಚ್ಚ ಉಳಿತಾಯ, ಬಾಳಿಕೆ ಬರುವ ರಸ್ತೆಗಳು, ಪರಿಸರ ಸ್ನೇಹಿ
ಜಯಂತ್‌ಸೇರ್ ಪದರ ಮತ್ತು ಪ್ಲಾಸ್ಟಿಕ್ ತ್ಯಾಜ್ಯವನ್ನು ಬಳಸಿ ರಸ್ತೆ ನಿರ್ಮಿಸಲಾಗುತ್ತದೆ. ಇದರಿಂದ ರಸ್ತೆ ನಿರ್ಮಾಣದ ವೆಚ್ಚ ಶೇ.25ರಷ್ಟು ಕಡಿಮೆಯಾಗಲಿದೆ. ಮತ್ತು ಪ್ಲಾಸ್ಟಿಕ್ ಮರುಬಳಕೆ ಸಾಧ್ಯವಾಗುವ ಜೊತೆಗೆ ಪರಿಸರ ಸಂರಕ್ಷಣೆಗೂ ನೆರವಾಗಲಿದೆ.
ಪ	ದ	ಬಂ	ಧ
» ರಾಜು ನಂಗಮೇಲ ಹಿರೇಮನೆ

5697
5696
ಉತ್ತರ
ಎಡದಿಂದ ಬಲಕ್ಕೆ
1.ವಾಮನ 4.ಪಾದರಿ
6.ನಿದ್ರಾ 7.ಕರಗ
8.ಮಗನ 9.ಚೆಲುವ
12.ವಜ್ರ 13.ಕಮಲ
14.ಧನ 16.ತ್ರಿವೇಣಿ
ಮೇಲಿನಿಂದ ಕೆಳಕ್ಕೆ
1.ವಾರಣ 2.ಮಣಿ
3.ನವಿಲು 4.ಪಾದ
5.ರಸ 6.ನಿಧಿ
10.ಚರಣ 11.ಅರಣಿ
ಎಡದಿಂದ ಬಲಕ್ಕೆ
1.ಅತಿ-ಅಕ್ಕ ಕುಡು ವೃಕ್ಷದ ತಿಳಿವುಳ್ಳ (4)
3.ದೇಶ ಪದವನ್ನು ಪ್ರತಿನಿಧಿಸುವ ಕುಲ್ಲು (4)
5.ಯುದ್ಧ ನಡೆಯುವ ಭೂಮಿ (4)
6.ಇಂದ್ರನ ವಾಹನದ ಹೆಸರು (3)
8.ವಿಷ್ಣುವಿನ ಅವತಾರದ ಹೆಸರು (3)
10.ಯುವತಿ ಸೌಂದರ್ಯದ ಪದ (3)
11.ಕೆರೆ-ಬೆಟ್ಟಗಳ ಸುತ್ತು (4)
13.ದಾನ ನೀಡುವ ಕಾಲ (3)
14.ಗಂಡು ಮಗುವಿಗೆ ಇಡುವ ಹೆಸರು (3)

ಮೇಲಿನಿಂದ ಕೆಳಕ್ಕೆ
1.ವರ್ಷ ಪೂರ್ಣವಾದ (4)
2.ಸರ್ಪದ ವಿಷ (3)
4.ನದಿಯ ದಡ (3)
7.ಗುಡ್ಡದ ಸಾಲು (4)
9.ಹೂವಿನ ಹಾರ (3)
12.ಜ್ಞಾನದ ಬೆಳಕು (3)
